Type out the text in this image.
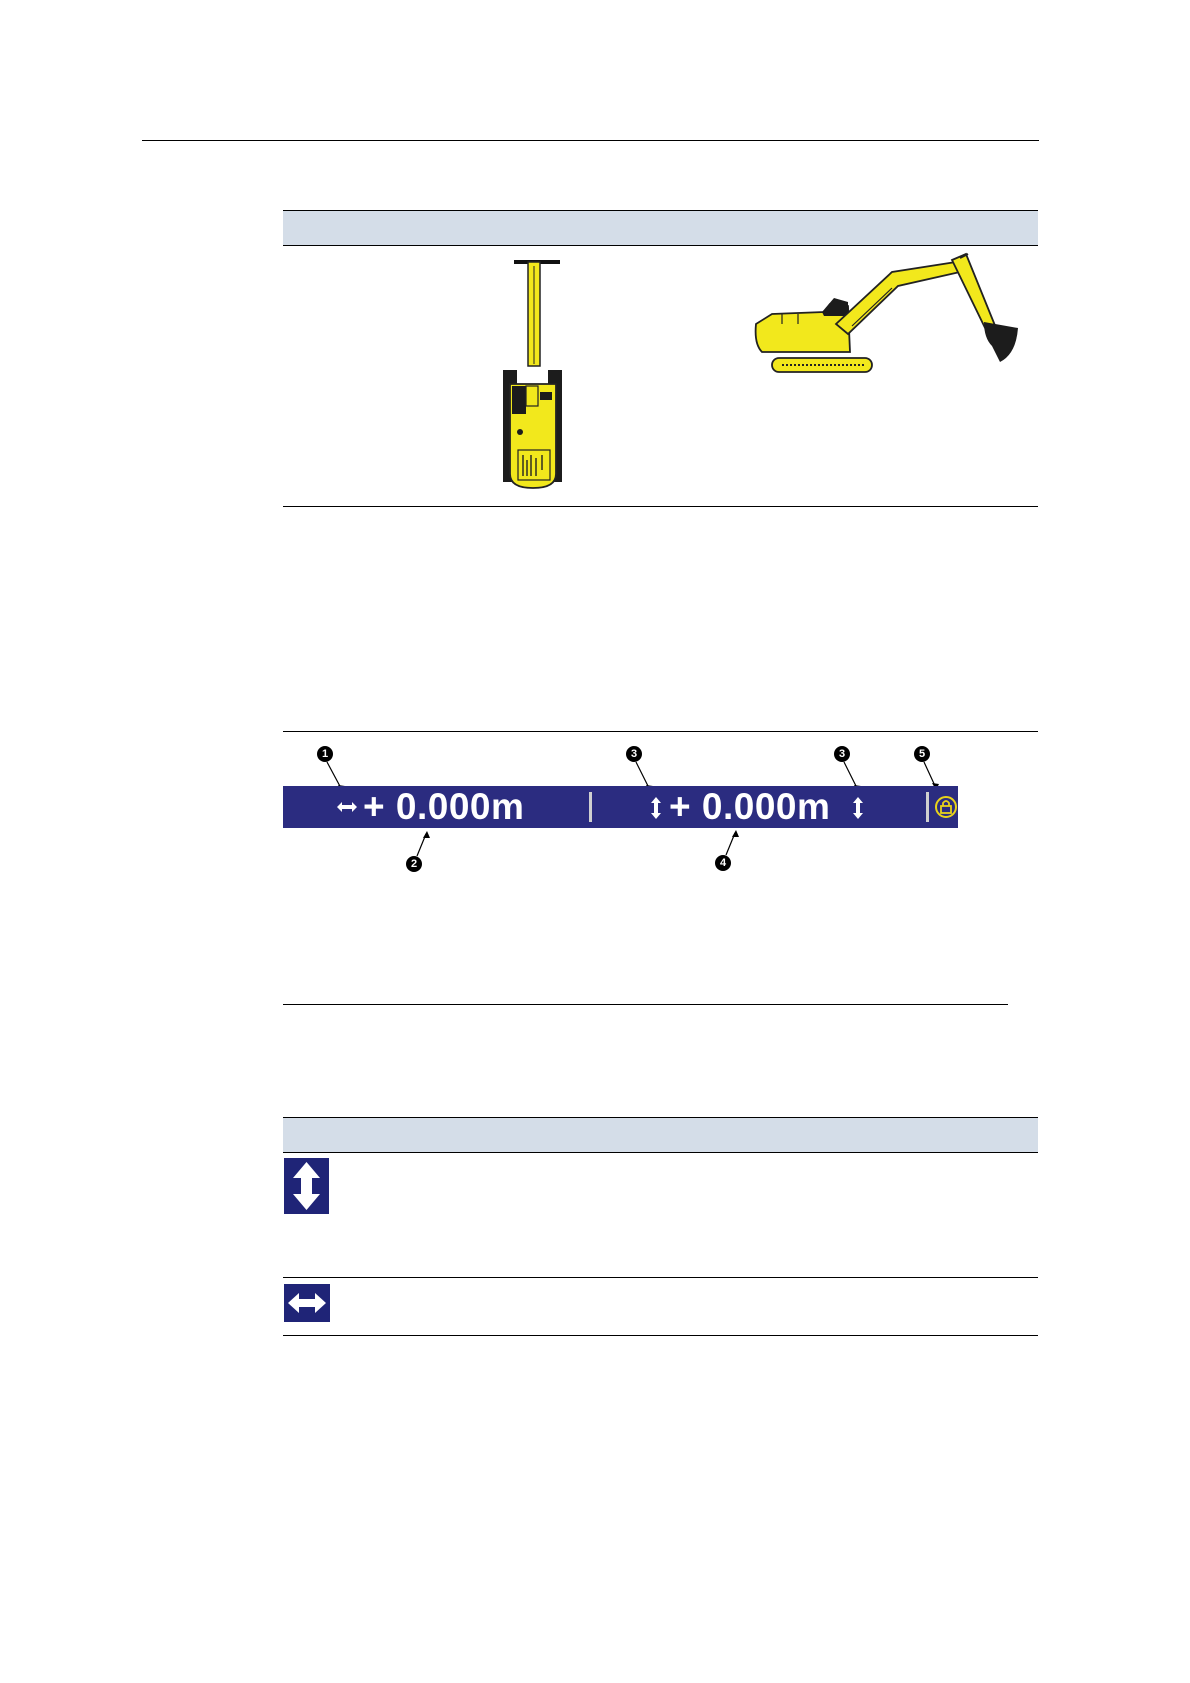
1	3	3	5
2	4
+ 0.000m	+ 0.000m
